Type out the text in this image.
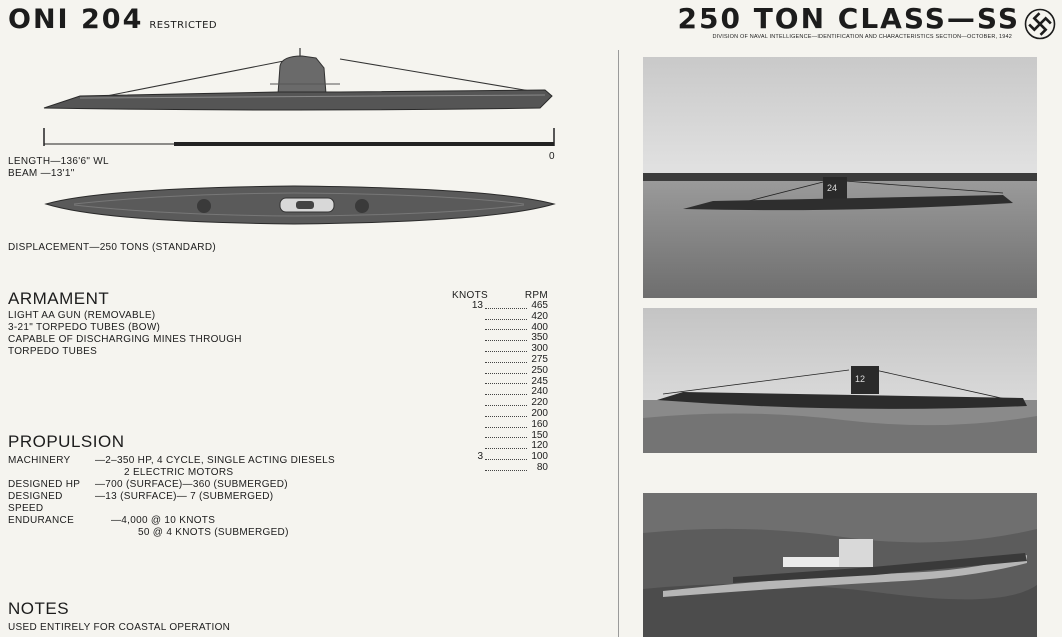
ONI 204 RESTRICTED	250 TON CLASS—SS
DIVISION OF NAVAL INTELLIGENCE—IDENTIFICATION AND CHARACTERISTICS SECTION—OCTOBER, 1942
0
LENGTH—136'6" WL
BEAM —13'1"
DISPLACEMENT—250 TONS (STANDARD)
ARMAMENT
LIGHT AA GUN (REMOVABLE)
3-21" TORPEDO TUBES (BOW)
CAPABLE OF DISCHARGING MINES THROUGH
TORPEDO TUBES
KNOTS	RPM
13	465
420
400
350
300
275
250
245
240
220
200
160
150
120
3	100
80
PROPULSION
MACHINERY	—2–350 HP, 4 CYCLE, SINGLE ACTING DIESELS
2 ELECTRIC MOTORS
DESIGNED HP	—700 (SURFACE)—360 (SUBMERGED)
DESIGNED SPEED
—13 (SURFACE)— 7 (SUBMERGED)
ENDURANCE	—4,000 @ 10 KNOTS
50 @ 4 KNOTS (SUBMERGED)
NOTES
USED ENTIRELY FOR COASTAL OPERATION
24
12
